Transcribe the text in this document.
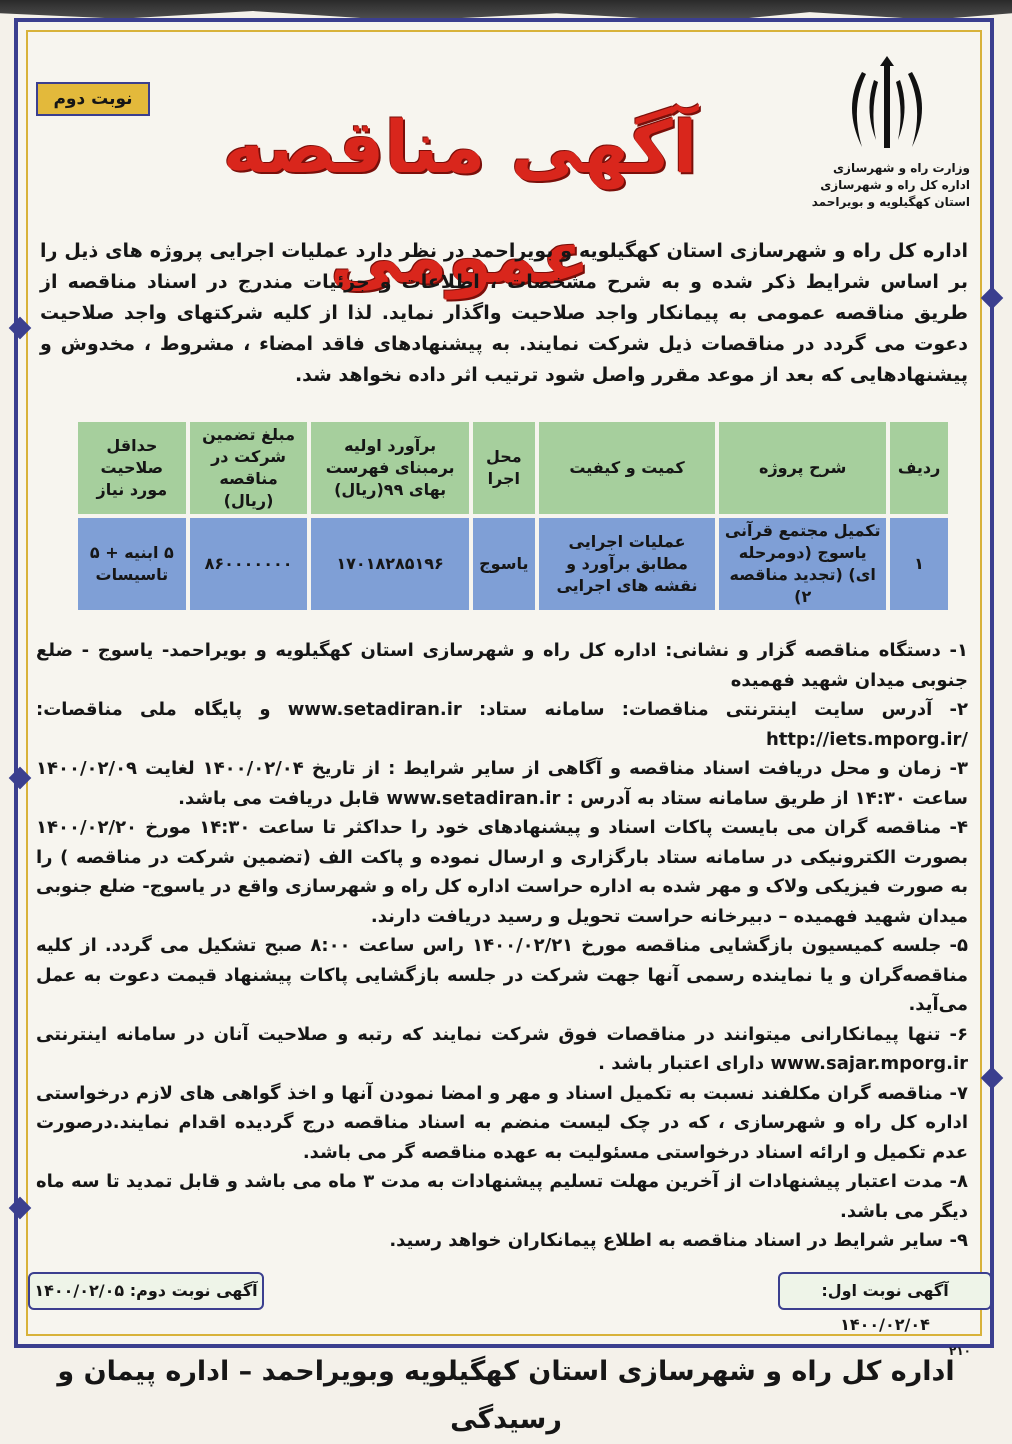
نوبت دوم
آگهی مناقصه عمومی
وزارت راه و شهرسازی
اداره کل راه و شهرسازی
استان کهگیلویه و بویراحمد
اداره کل راه و شهرسازی استان کهگیلویه و بویراحمد در نظر دارد عملیات اجرایی پروژه های ذیل را بر اساس شرایط ذکر شده و به شرح مشخصات ، اطلاعات و جزئیات مندرج در اسناد مناقصه از طریق مناقصه عمومی به پیمانکار واجد صلاحیت واگذار نماید. لذا از کلیه شرکتهای واجد صلاحیت دعوت می گردد در مناقصات ذیل شرکت نمایند. به پیشنهادهای فاقد امضاء ، مشروط ، مخدوش و پیشنهادهایی که بعد از موعد مقرر واصل شود ترتیب اثر داده نخواهد شد.
ردیف	شرح پروژه	کمیت و کیفیت	محل اجرا	برآورد اولیه برمبنای فهرست بهای ۹۹(ریال)	مبلغ تضمین شرکت در مناقصه (ریال)	حداقل صلاحیت مورد نیاز
۱	تکمیل مجتمع قرآنی یاسوج (دومرحله ای) (تجدید مناقصه ۲)	عملیات اجرایی مطابق برآورد و نقشه های اجرایی	یاسوج	۱۷۰۱۸۲۸۵۱۹۶	۸۶۰۰۰۰۰۰۰	۵ ابنیه + ۵ تاسیسات

۱- دستگاه مناقصه گزار و نشانی: اداره کل راه و شهرسازی استان کهگیلویه و بویراحمد- یاسوج - ضلع جنوبی میدان شهید فهمیده

۲- آدرس سایت اینترنتی مناقصات: سامانه ستاد: www.setadiran.ir و پایگاه ملی مناقصات: http://iets.mporg.ir/

۳- زمان و محل دریافت اسناد مناقصه و آگاهی از سایر شرایط : از تاریخ ۱۴۰۰/۰۲/۰۴ لغایت ۱۴۰۰/۰۲/۰۹ ساعت ۱۴:۳۰ از طریق سامانه ستاد به آدرس : www.setadiran.ir قابل دریافت می باشد.

۴- مناقصه گران می بایست پاکات اسناد و پیشنهادهای خود را حداکثر تا ساعت ۱۴:۳۰ مورخ ۱۴۰۰/۰۲/۲۰ بصورت الکترونیکی در سامانه ستاد بارگزاری و ارسال نموده و پاکت الف (تضمین شرکت در مناقصه ) را به صورت فیزیکی ولاک و مهر شده به اداره حراست اداره کل راه و شهرسازی واقع در یاسوج- ضلع جنوبی میدان شهید فهمیده – دبیرخانه حراست تحویل و رسید دریافت دارند.

۵- جلسه کمیسیون بازگشایی مناقصه مورخ ۱۴۰۰/۰۲/۲۱ راس ساعت ۸:۰۰ صبح تشکیل می گردد. از کلیه مناقصه‌گران و یا نماینده رسمی آنها جهت شرکت در جلسه بازگشایی پاکات پیشنهاد قیمت دعوت به عمل می‌آید.

۶- تنها پیمانکارانی میتوانند در مناقصات فوق شرکت نمایند که رتبه و صلاحیت آنان در سامانه اینترنتی www.sajar.mporg.ir دارای اعتبار باشد .

۷- مناقصه گران مکلفند نسبت به تکمیل اسناد و مهر و امضا نمودن آنها و اخذ گواهی های لازم درخواستی اداره کل راه و شهرسازی ، که در چک لیست منضم به اسناد مناقصه درج گردیده اقدام نمایند.درصورت عدم تکمیل و ارائه اسناد درخواستی مسئولیت به عهده مناقصه گر می باشد.

۸- مدت اعتبار پیشنهادات از آخرین مهلت تسلیم پیشنهادات به مدت ۳ ماه می باشد و قابل تمدید تا سه ماه دیگر می باشد.

۹- سایر شرایط در اسناد مناقصه به اطلاع پیمانکاران خواهد رسید.

آگهی نوبت اول: ۱۴۰۰/۰۲/۰۴
آگهی نوبت دوم: ۱۴۰۰/۰۲/۰۵
۲۱۰
اداره کل راه و شهرسازی استان کهگیلویه وبویراحمد – اداره پیمان و رسیدگی
